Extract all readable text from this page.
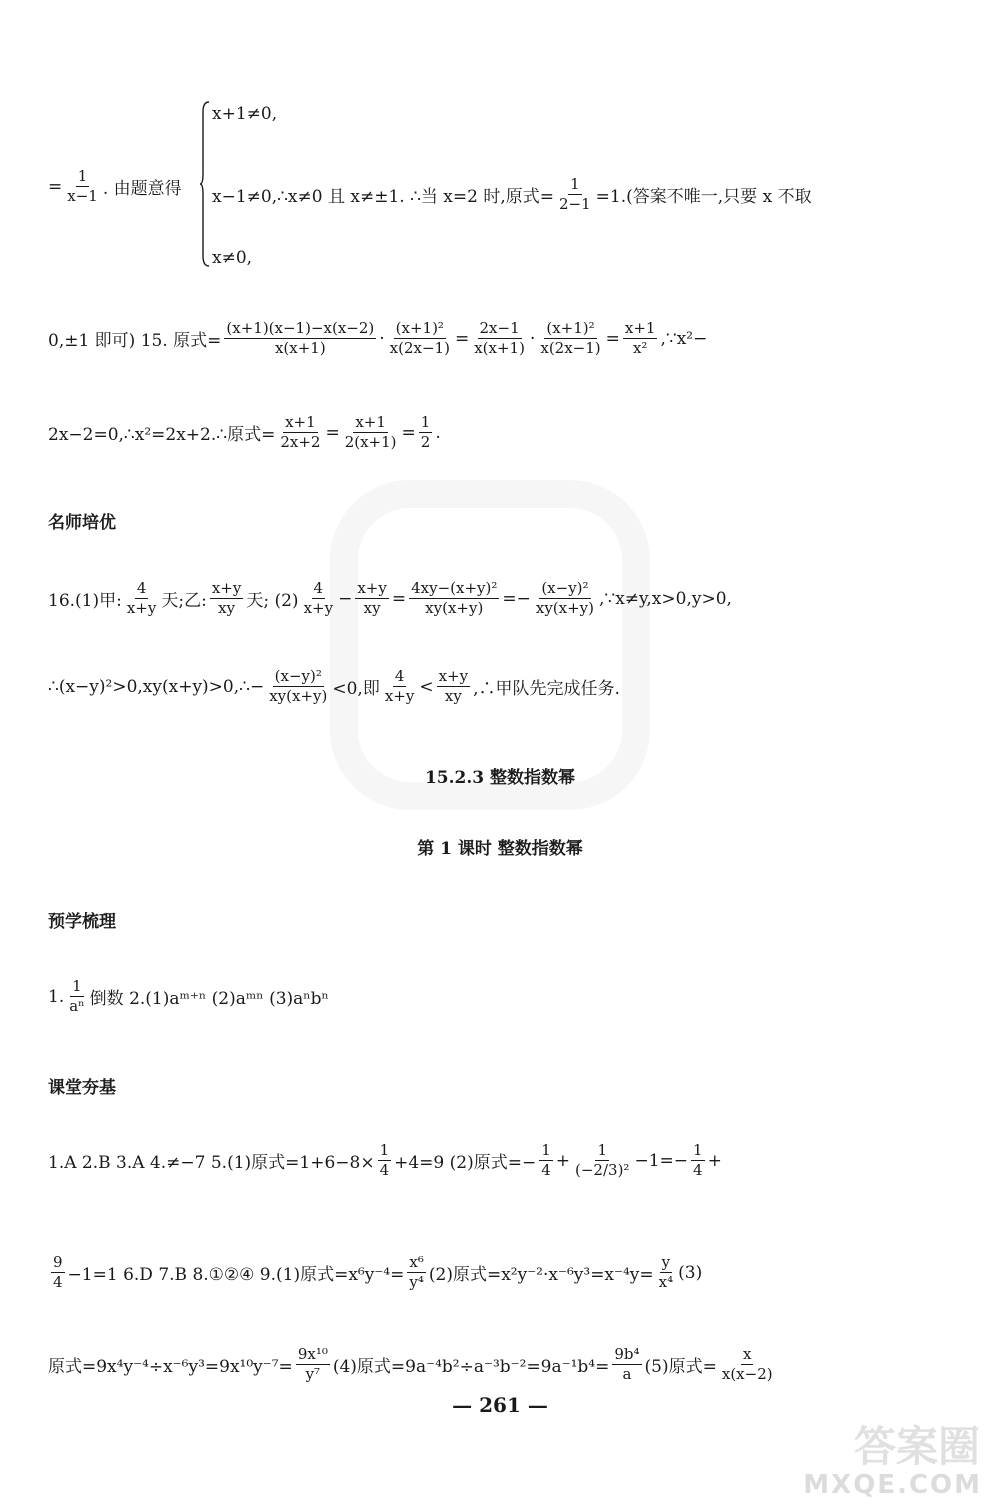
= $\frac{1}{x-1}$ . 由题意得
x+1≠0,
x−1≠0,∴x≠0 且 x≠±1. ∴当 x=2 时,原式= $\frac{1}{2-1} =1$.(答案不唯一,只要 x 不取
x≠0,
0,±1 即可) 15. 原式= $\frac{(x+1)(x-1)-x(x-2)}{x(x+1)} \cdot \frac{\text{(x+1)²}}{x(2x-1)} = \frac{2x-1}{x(x+1)} \cdot \frac{\text{(x+1)²}}{x(2x-1)} = \frac{x+1}{\text{x²}}$ ,∵x²−
2x−2=0,∴x²=2x+2.∴原式= $\frac{x+1}{2x+2} = \frac{x+1}{2(x+1)} = \frac{1}{2}$ .
名师培优
16.(1)甲: $\frac{4}{x+y}$ 天;乙: $\frac{x+y}{xy}$ 天; $(2) \frac{4}{x+y} - \frac{x+y}{xy} = \frac{\text{4xy−(x+y)²}}{xy(x+y)} =- \frac{\text{(x−y)²}}{xy(x+y)}$ ,∵x≠y,x>0,y>0,
∴(x−y)²>0,xy(x+y)>0,∴− $\frac{\text{(x−y)²}}{xy(x+y)} <0$,即 $\frac{4}{x+y} < \frac{x+y}{xy}$ ,∴甲队先完成任务.
15.2.3 整数指数幂
第 1 课时 整数指数幂
预学梳理
1. $\frac{1}{\text{aⁿ}}$ 倒数 2.(1)aᵐ⁺ⁿ (2)aᵐⁿ (3)aⁿbⁿ
课堂夯基
1.A 2.B 3.A 4.≠−7 5.(1)原式$=1+6-8\times \frac{1}{4} +4=9$ (2)原式=− $\frac{1}{4} + \frac{1}{\text{(−2/3)²}} -1=- \frac{1}{4}$ +
$\frac{9}{4} -1=1$ 6.D 7.B 8.①②④ 9.(1)原式$=x^6y^{-4}= \frac{\text{x⁶}}{\text{y⁴}} (2)$原式$=x^2y^{-2}\cdot x^{-6}y^3=x^{-4}y= \frac{y}{\text{x⁴}} (3)$
原式$=9x^4y^{-4}\div x^{-6}y^3=9x^{10}y^{-7}= \frac{\text{9x¹⁰}}{\text{y⁷}} (4)$原式$=9a^{-4}b^2\div a^{-3}b^{-2}=9a^{-1}b^4= \frac{\text{9b⁴}}{a} (5)$原式= $\frac{x}{x(x-2)}$
— 261 —
答案圈
MXQE.COM
